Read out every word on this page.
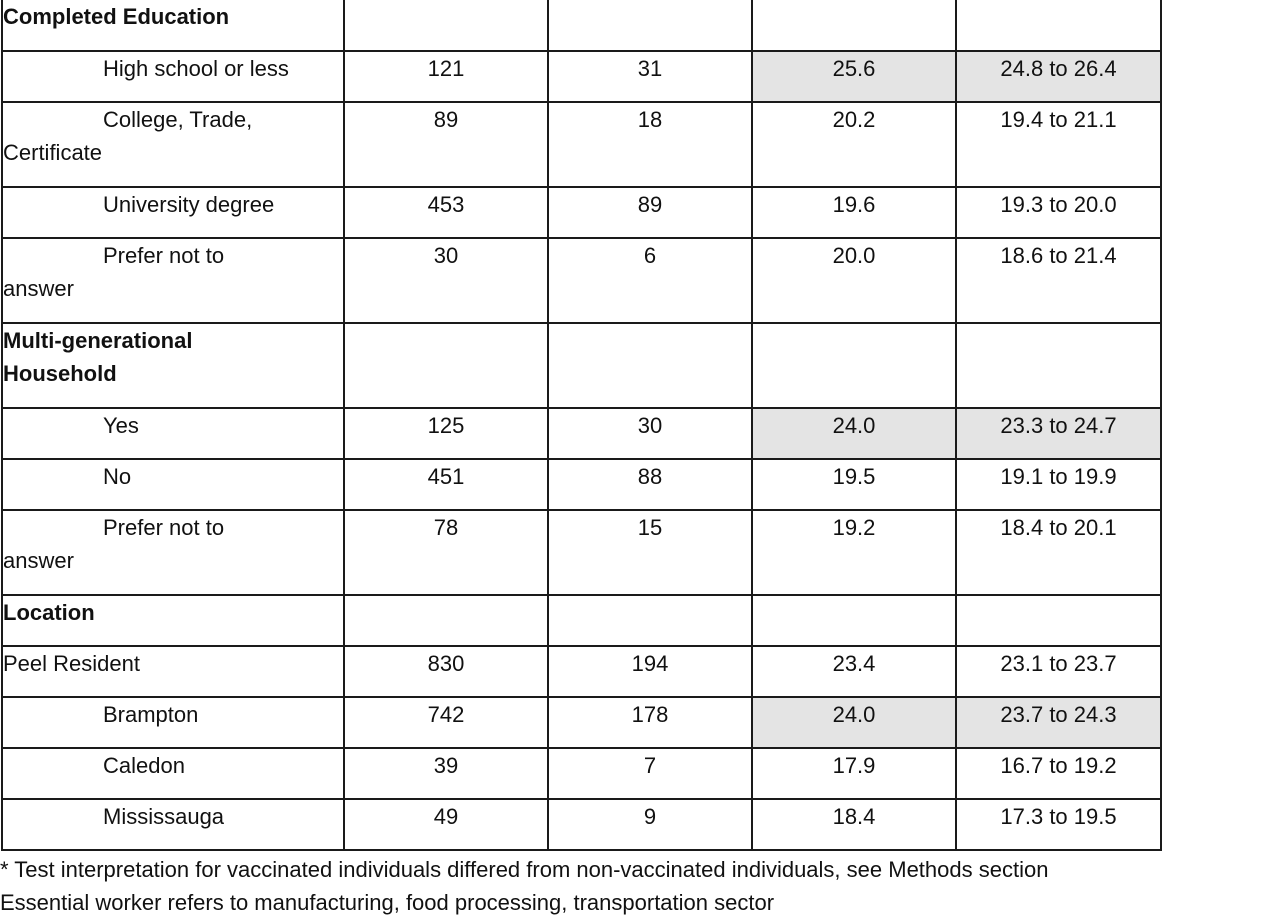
Completed Education				
High school or less	121	31	25.6	24.8 to 26.4
College, Trade,
Certificate	89	18	20.2	19.4 to 21.1
University degree	453	89	19.6	19.3 to 20.0
Prefer not to
answer	30	6	20.0	18.6 to 21.4
Multi-generational
Household				
Yes	125	30	24.0	23.3 to 24.7
No	451	88	19.5	19.1 to 19.9
Prefer not to
answer	78	15	19.2	18.4 to 20.1
Location				
Peel Resident	830	194	23.4	23.1 to 23.7
Brampton	742	178	24.0	23.7 to 24.3
Caledon	39	7	17.9	16.7 to 19.2
Mississauga	49	9	18.4	17.3 to 19.5
* Test interpretation for vaccinated individuals differed from non-vaccinated individuals, see Methods section
Essential worker refers to manufacturing, food processing, transportation sector
